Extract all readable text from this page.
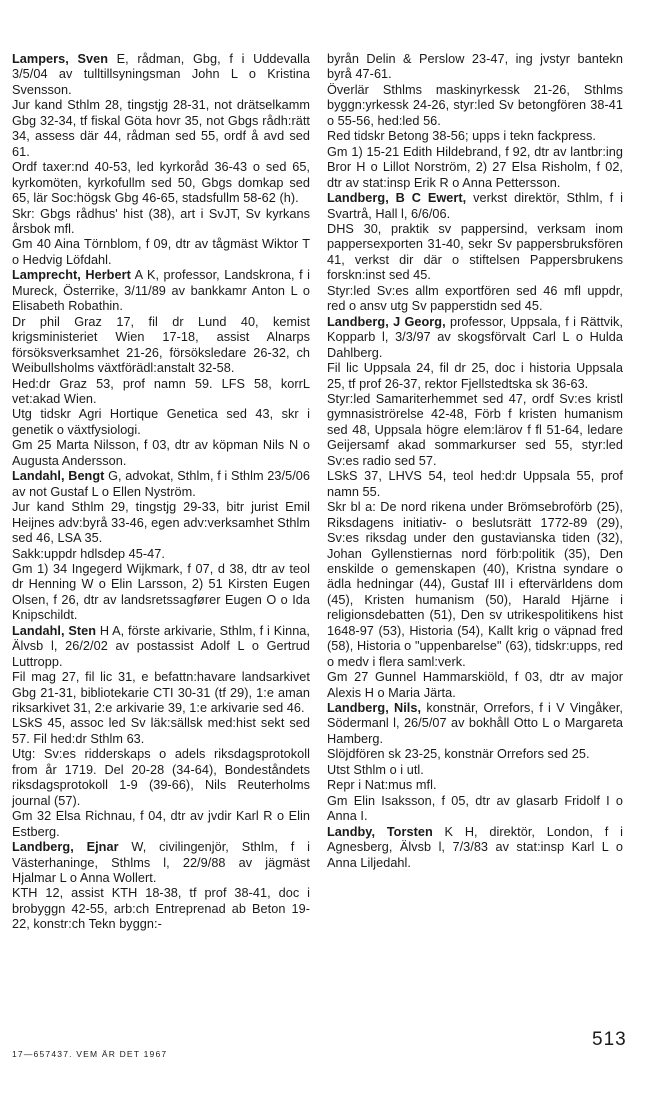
Lampers, Sven E, rådman, Gbg, f i Uddevalla 3/5/04 av tulltillsyningsman John L o Kristina Svensson.
Jur kand Sthlm 28, tingstjg 28-31, not drätselkamm Gbg 32-34, tf fiskal Göta hovr 35, not Gbgs rådh:rätt 34, assess där 44, rådman sed 55, ordf å avd sed 61.
Ordf taxer:nd 40-53, led kyrkoråd 36-43 o sed 65, kyrkomöten, kyrkofullm sed 50, Gbgs domkap sed 65, lär Soc:högsk Gbg 46-65, stadsfullm 58-62 (h).
Skr: Gbgs rådhus' hist (38), art i SvJT, Sv kyrkans årsbok mfl.
Gm 40 Aina Törnblom, f 09, dtr av tågmäst Wiktor T o Hedvig Löfdahl.
Lamprecht, Herbert A K, professor, Landskrona, f i Mureck, Österrike, 3/11/89 av bankkamr Anton L o Elisabeth Robathin.
Dr phil Graz 17, fil dr Lund 40, kemist krigsministeriet Wien 17-18, assist Alnarps försöksverksamhet 21-26, försöksledare 26-32, ch Weibullsholms växtförädl:anstalt 32-58.
Hed:dr Graz 53, prof namn 59. LFS 58, korrL vet:akad Wien.
Utg tidskr Agri Hortique Genetica sed 43, skr i genetik o växtfysiologi.
Gm 25 Marta Nilsson, f 03, dtr av köpman Nils N o Augusta Andersson.
Landahl, Bengt G, advokat, Sthlm, f i Sthlm 23/5/06 av not Gustaf L o Ellen Nyström.
Jur kand Sthlm 29, tingstjg 29-33, bitr jurist Emil Heijnes adv:byrå 33-46, egen adv:verksamhet Sthlm sed 46, LSA 35.
Sakk:uppdr hdlsdep 45-47.
Gm 1) 34 Ingegerd Wijkmark, f 07, d 38, dtr av teol dr Henning W o Elin Larsson, 2) 51 Kirsten Eugen Olsen, f 26, dtr av landsretssagfører Eugen O o Ida Knipschildt.
Landahl, Sten H A, förste arkivarie, Sthlm, f i Kinna, Älvsb l, 26/2/02 av postassist Adolf L o Gertrud Luttropp.
Fil mag 27, fil lic 31, e befattn:havare landsarkivet Gbg 21-31, bibliotekarie CTI 30-31 (tf 29), 1:e aman riksarkivet 31, 2:e arkivarie 39, 1:e arkivarie sed 46.
LSkS 45, assoc led Sv läk:sällsk med:hist sekt sed 57. Fil hed:dr Sthlm 63.
Utg: Sv:es ridderskaps o adels riksdagsprotokoll from år 1719. Del 20-28 (34-64), Bondeståndets riksdagsprotokoll 1-9 (39-66), Nils Reuterholms journal (57).
Gm 32 Elsa Richnau, f 04, dtr av jvdir Karl R o Elin Estberg.
Landberg, Ejnar W, civilingenjör, Sthlm, f i Västerhaninge, Sthlms l, 22/9/88 av jägmäst Hjalmar L o Anna Wollert.
KTH 12, assist KTH 18-38, tf prof 38-41, doc i brobyggn 42-55, arb:ch Entreprenad ab Beton 19-22, konstr:ch Tekn byggn:-
byrån Delin & Perslow 23-47, ing jvstyr bantekn byrå 47-61.
Överlär Sthlms maskinyrkessk 21-26, Sthlms byggn:yrkessk 24-26, styr:led Sv betongfören 38-41 o 55-56, hed:led 56.
Red tidskr Betong 38-56; upps i tekn fackpress.
Gm 1) 15-21 Edith Hildebrand, f 92, dtr av lantbr:ing Bror H o Lillot Norström, 2) 27 Elsa Risholm, f 02, dtr av stat:insp Erik R o Anna Pettersson.
Landberg, B C Ewert, verkst direktör, Sthlm, f i Svartrå, Hall l, 6/6/06.
DHS 30, praktik sv pappersind, verksam inom pappersexporten 31-40, sekr Sv pappersbruksfören 41, verkst dir där o stiftelsen Pappersbrukens forskn:inst sed 45.
Styr:led Sv:es allm exportfören sed 46 mfl uppdr, red o ansv utg Sv papperstidn sed 45.
Landberg, J Georg, professor, Uppsala, f i Rättvik, Kopparb l, 3/3/97 av skogsförvalt Carl L o Hulda Dahlberg.
Fil lic Uppsala 24, fil dr 25, doc i historia Uppsala 25, tf prof 26-37, rektor Fjellstedtska sk 36-63.
Styr:led Samariterhemmet sed 47, ordf Sv:es kristl gymnasiströrelse 42-48, Förb f kristen humanism sed 48, Uppsala högre elem:lärov f fl 51-64, ledare Geijersamf akad sommarkurser sed 55, styr:led Sv:es radio sed 57.
LSkS 37, LHVS 54, teol hed:dr Uppsala 55, prof namn 55.
Skr bl a: De nord rikena under Brömsebroförb (25), Riksdagens initiativ- o beslutsrätt 1772-89 (29), Sv:es riksdag under den gustavianska tiden (32), Johan Gyllenstiernas nord förb:politik (35), Den enskilde o gemenskapen (40), Kristna syndare o ädla hedningar (44), Gustaf III i eftervärldens dom (45), Kristen humanism (50), Harald Hjärne i religionsdebatten (51), Den sv utrikespolitikens hist 1648-97 (53), Historia (54), Kallt krig o väpnad fred (58), Historia o "uppenbarelse" (63), tidskr:upps, red o medv i flera saml:verk.
Gm 27 Gunnel Hammarskiöld, f 03, dtr av major Alexis H o Maria Järta.
Landberg, Nils, konstnär, Orrefors, f i V Vingåker, Södermanl l, 26/5/07 av bokhåll Otto L o Margareta Hamberg.
Slöjdfören sk 23-25, konstnär Orrefors sed 25.
Utst Sthlm o i utl.
Repr i Nat:mus mfl.
Gm Elin Isaksson, f 05, dtr av glasarb Fridolf I o Anna I.
Landby, Torsten K H, direktör, London, f i Agnesberg, Älvsb l, 7/3/83 av stat:insp Karl L o Anna Liljedahl.
17—657437. VEM ÄR DET 1967
513
